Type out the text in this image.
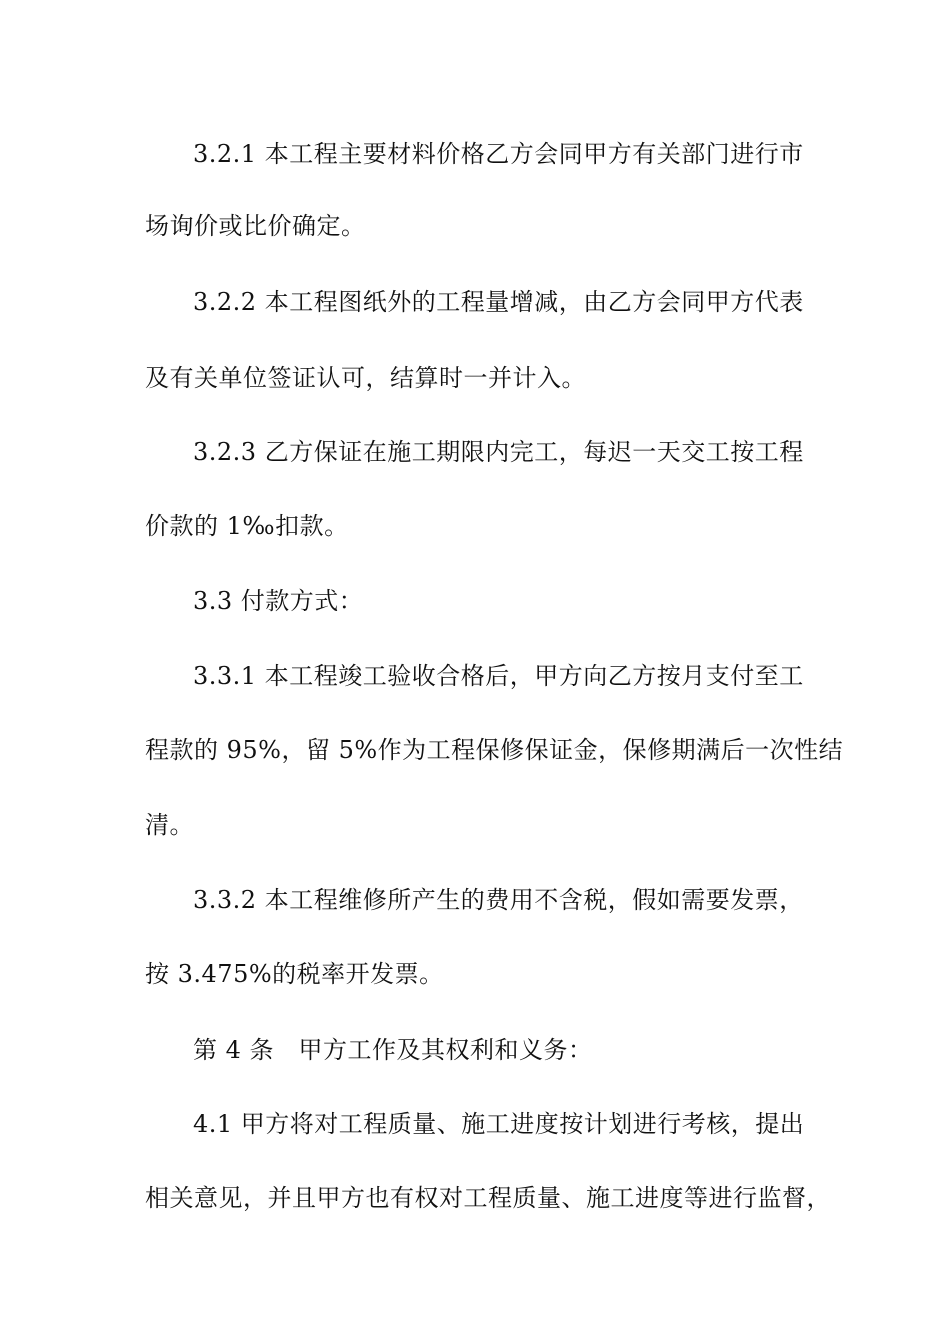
3.2.1 本工程主要材料价格乙方会同甲方有关部门进行市
场询价或比价确定。
3.2.2 本工程图纸外的工程量增减，由乙方会同甲方代表
及有关单位签证认可，结算时一并计入。
3.2.3 乙方保证在施工期限内完工，每迟一天交工按工程
价款的 1‰扣款。
3.3 付款方式：
3.3.1 本工程竣工验收合格后，甲方向乙方按月支付至工
程款的 95%，留 5%作为工程保修保证金，保修期满后一次性结
清。
3.3.2 本工程维修所产生的费用不含税，假如需要发票，
按 3.475%的税率开发票。
第 4 条　甲方工作及其权利和义务：
4.1 甲方将对工程质量、施工进度按计划进行考核，提出
相关意见，并且甲方也有权对工程质量、施工进度等进行监督，
